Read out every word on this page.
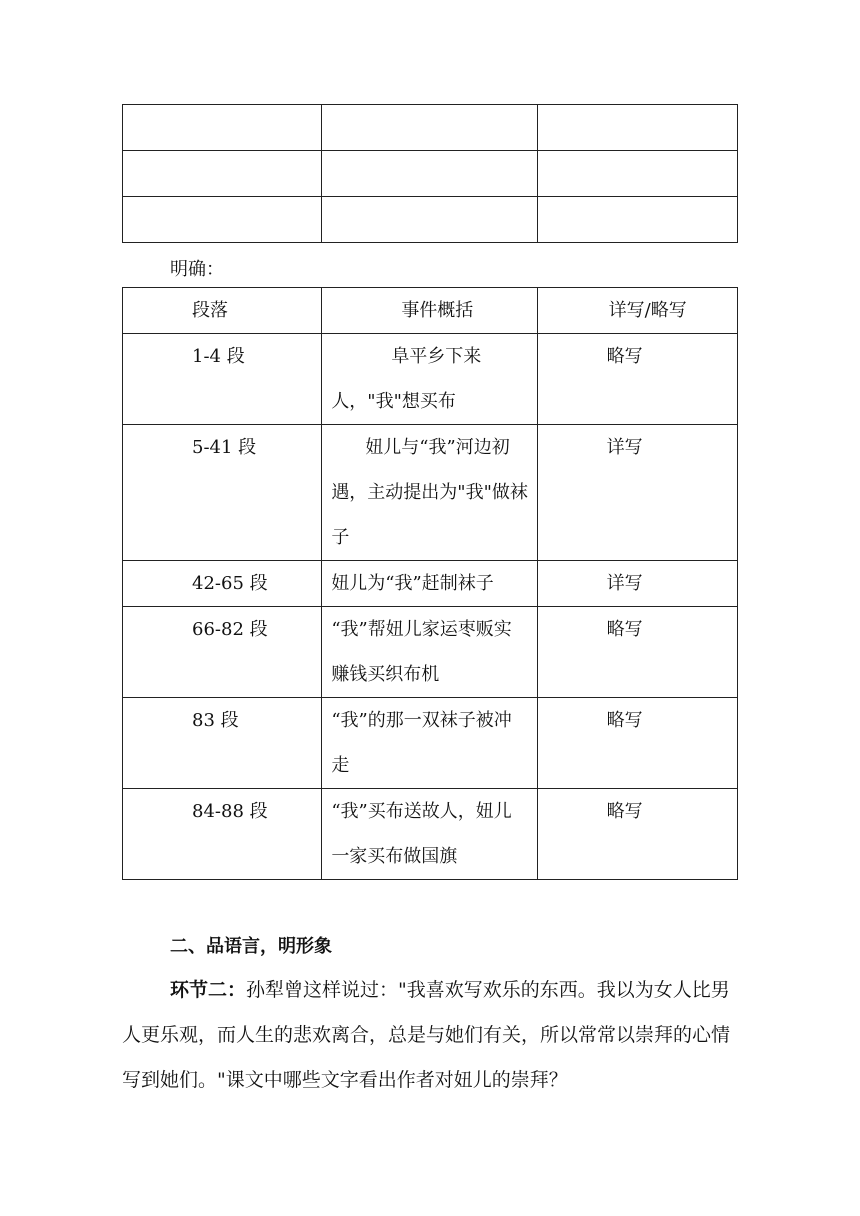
明确：
段落	事件概括	详写/略写
1-4 段	阜平乡下来人，"我"想买布	略写
5-41 段	妞儿与“我”河边初遇，主动提出为"我"做袜子	详写
42-65 段	妞儿为“我”赶制袜子	详写
66-82 段	“我”帮妞儿家运枣贩实赚钱买织布机	略写
83 段	“我”的那一双袜子被冲走	略写
84-88 段	“我”买布送故人，妞儿一家买布做国旗	略写
二、品语言，明形象
环节二：孙犁曾这样说过："我喜欢写欢乐的东西。我以为女人比男人更乐观，而人生的悲欢离合，总是与她们有关，所以常常以崇拜的心情写到她们。"课文中哪些文字看出作者对妞儿的崇拜？
